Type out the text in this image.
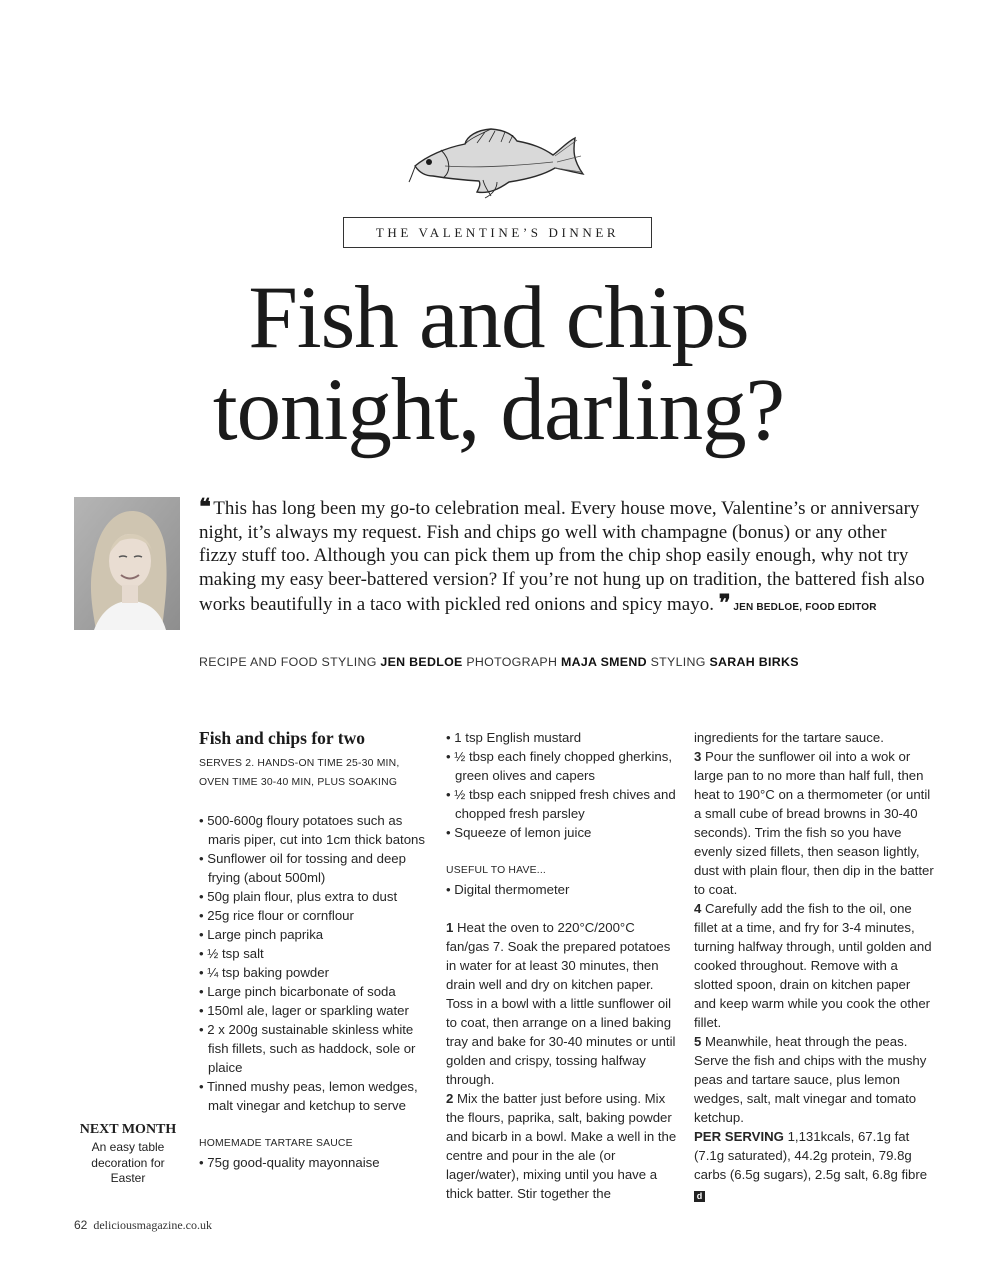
THE VALENTINE’S DINNER
Fish and chips
tonight, darling?

❝ This has long been my go-to celebration meal. Every house move, Valentine’s or anniversary night, it’s always my request. Fish and chips go well with champagne (bonus) or any other fizzy stuff too. Although you can pick them up from the chip shop easily enough, why not try making my easy beer-battered version? If you’re not hung up on tradition, the battered fish also works beautifully in a taco with pickled red onions and spicy mayo. ❞ JEN BEDLOE, FOOD EDITOR

RECIPE AND FOOD STYLING JEN BEDLOE PHOTOGRAPH MAJA SMEND STYLING SARAH BIRKS
Fish and chips for two
SERVES 2. HANDS-ON TIME 25-30 MIN, OVEN TIME 30-40 MIN, PLUS SOAKING
• 500-600g floury potatoes such as maris piper, cut into 1cm thick batons
• Sunflower oil for tossing and deep frying (about 500ml)
• 50g plain flour, plus extra to dust
• 25g rice flour or cornflour
• Large pinch paprika
• ½ tsp salt
• ¼ tsp baking powder
• Large pinch bicarbonate of soda
• 150ml ale, lager or sparkling water
• 2 x 200g sustainable skinless white fish fillets, such as haddock, sole or plaice
• Tinned mushy peas, lemon wedges, malt vinegar and ketchup to serve
HOMEMADE TARTARE SAUCE
• 75g good-quality mayonnaise
• 1 tsp English mustard
• ½ tbsp each finely chopped gherkins, green olives and capers
• ½ tbsp each snipped fresh chives and chopped fresh parsley
• Squeeze of lemon juice
USEFUL TO HAVE...
• Digital thermometer

1 Heat the oven to 220°C/200°C fan/gas 7. Soak the prepared potatoes in water for at least 30 minutes, then drain well and dry on kitchen paper. Toss in a bowl with a little sunflower oil to coat, then arrange on a lined baking tray and bake for 30-40 minutes or until golden and crispy, tossing halfway through.

2 Mix the batter just before using. Mix the flours, paprika, salt, baking powder and bicarb in a bowl. Make a well in the centre and pour in the ale (or lager/water), mixing until you have a thick batter. Stir together the

ingredients for the tartare sauce.

3 Pour the sunflower oil into a wok or large pan to no more than half full, then heat to 190°C on a thermometer (or until a small cube of bread browns in 30-40 seconds). Trim the fish so you have evenly sized fillets, then season lightly, dust with plain flour, then dip in the batter to coat.

4 Carefully add the fish to the oil, one fillet at a time, and fry for 3-4 minutes, turning halfway through, until golden and cooked throughout. Remove with a slotted spoon, drain on kitchen paper and keep warm while you cook the other fillet.

5 Meanwhile, heat through the peas. Serve the fish and chips with the mushy peas and tartare sauce, plus lemon wedges, salt, malt vinegar and tomato ketchup.

PER SERVING 1,131kcals, 67.1g fat (7.1g saturated), 44.2g protein, 79.8g carbs (6.5g sugars), 2.5g salt, 6.8g fibre d

NEXT MONTH
An easy table decoration for Easter
62 deliciousmagazine.co.uk
